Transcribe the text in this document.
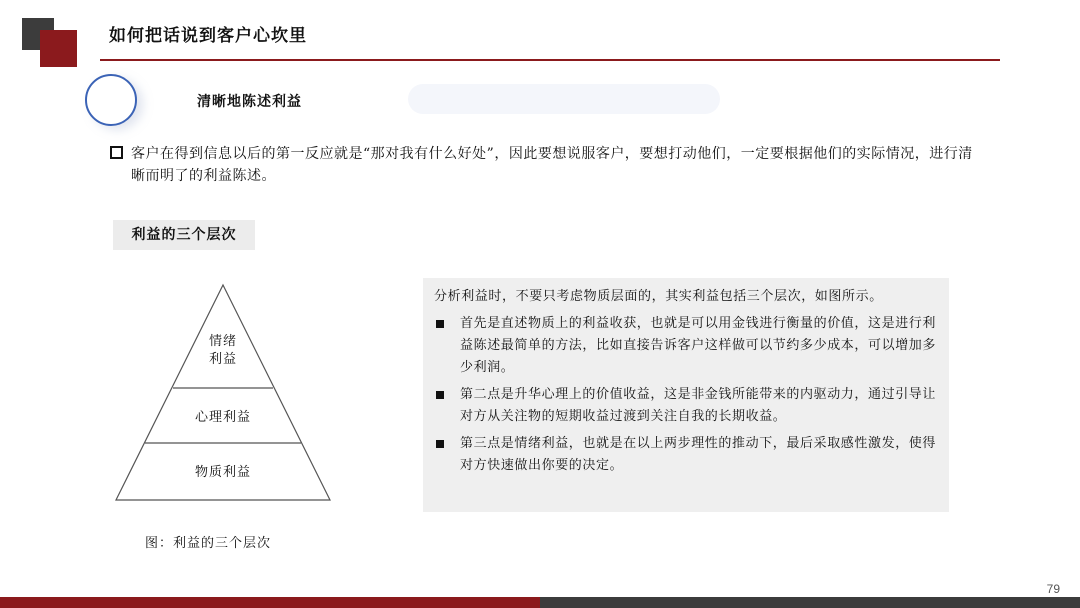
如何把话说到客户心坎里
清晰地陈述利益
客户在得到信息以后的第一反应就是“那对我有什么好处”，因此要想说服客户，要想打动他们，一定要根据他们的实际情况，进行清晰而明了的利益陈述。
利益的三个层次
情绪
利益
心理利益
物质利益
图：利益的三个层次

分析利益时，不要只考虑物质层面的，其实利益包括三个层次，如图所示。

首先是直述物质上的利益收获，也就是可以用金钱进行衡量的价值，这是进行利益陈述最简单的方法，比如直接告诉客户这样做可以节约多少成本，可以增加多少利润。
第二点是升华心理上的价值收益，这是非金钱所能带来的内驱动力，通过引导让对方从关注物的短期收益过渡到关注自我的长期收益。
第三点是情绪利益，也就是在以上两步理性的推动下，最后采取感性激发，使得对方快速做出你要的决定。
79
